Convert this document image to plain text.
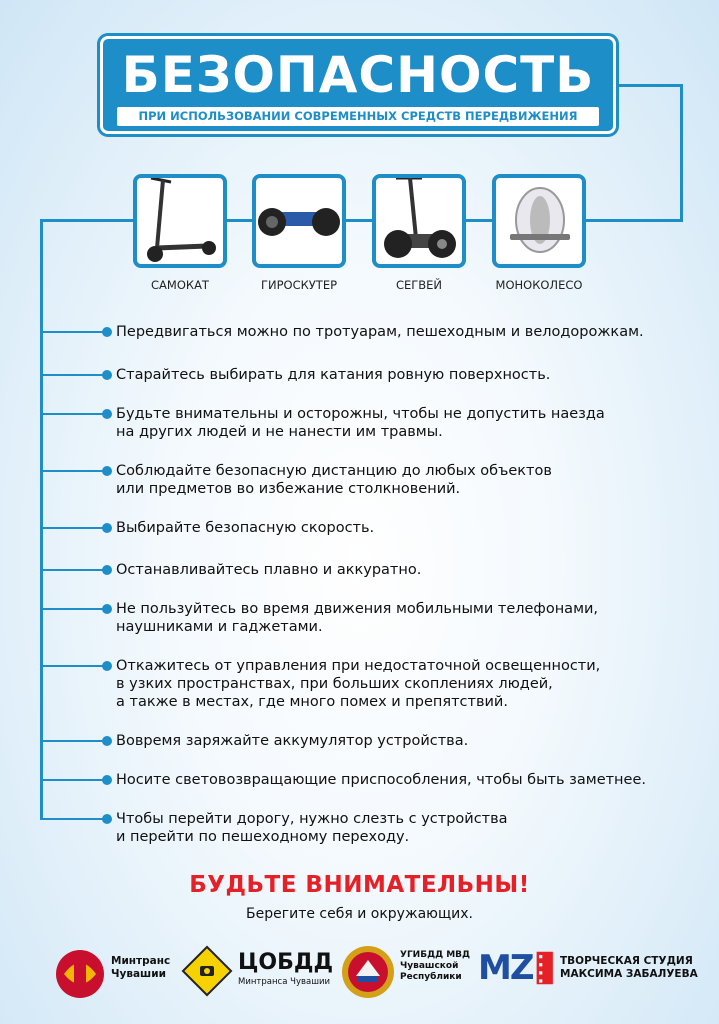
БЕЗОПАСНОСТЬ
ПРИ ИСПОЛЬЗОВАНИИ СОВРЕМЕННЫХ СРЕДСТВ ПЕРЕДВИЖЕНИЯ
САМОКАТ	ГИРОСКУТЕР	СЕГВЕЙ	МОНОКОЛЕСО
Передвигаться можно по тротуарам, пешеходным и велодорожкам.
Старайтесь выбирать для катания ровную поверхность.
Будьте внимательны и осторожны, чтобы не допустить наезда
на других людей и не нанести им травмы.
Соблюдайте безопасную дистанцию до любых объектов
или предметов во избежание столкновений.
Выбирайте безопасную скорость.
Останавливайтесь плавно и аккуратно.
Не пользуйтесь во время движения мобильными телефонами,
наушниками и гаджетами.
Откажитесь от управления при недостаточной освещенности,
в узких пространствах, при больших скоплениях людей,
а также в местах, где много помех и препятствий.
Вовремя заряжайте аккумулятор устройства.
Носите световозвращающие приспособления, чтобы быть заметнее.
Чтобы перейти дорогу, нужно слезть с устройства
и перейти по пешеходному переходу.
БУДЬТЕ ВНИМАТЕЛЬНЫ!
Берегите себя и окружающих.
Минтранс
Чувашии	ЦОБДД
Минтранса Чувашии
УГИБДД МВД
Чувашской
Республики MZ	ТВОРЧЕСКАЯ СТУДИЯ
МАКСИМА ЗАБАЛУЕВА
